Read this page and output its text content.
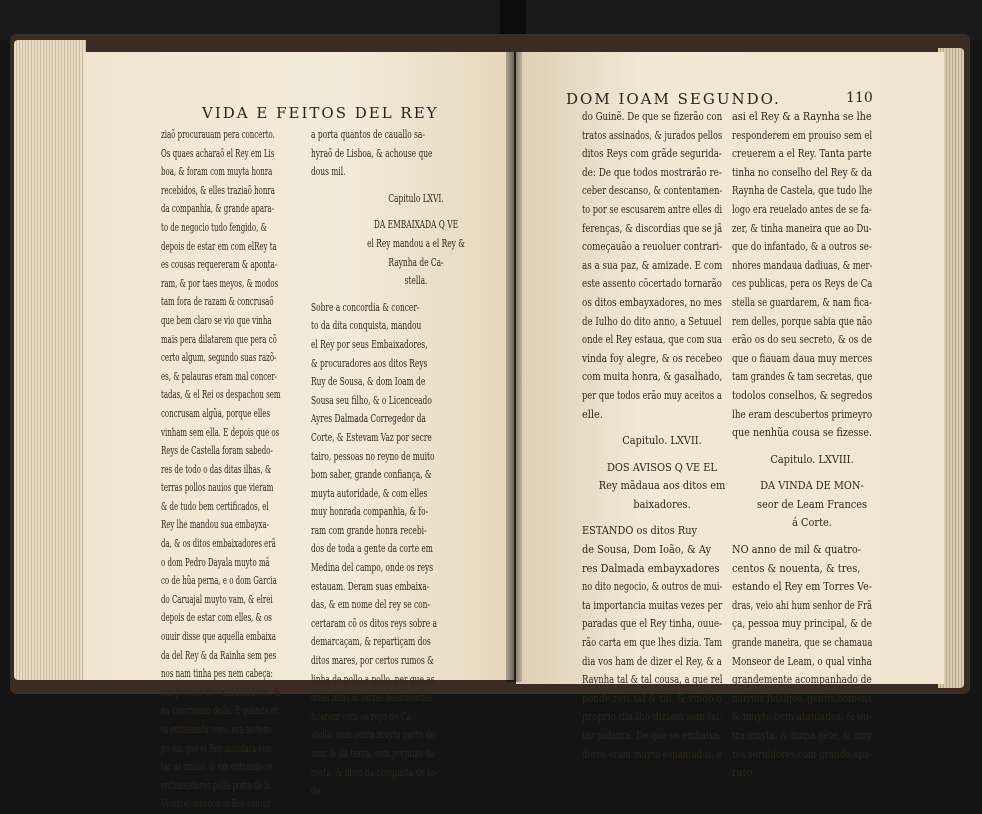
VIDA E FEITOS DEL REY

ziaõ procurauam pera concerto.

Os quaes acharaõ el Rey em Lis

boa, & foram com muyta honra

recebidos, & elles traziaõ honra

da companhia, & grande apara-

to de negocio tudo fengido, &

depois de estar em com elRey ta

es cousas requereram & aponta-

ram, & por taes meyos, & modos

tam fora de razam & concrusaõ

que bem claro se vio que vinha

mais pera dilatarem que pera cõ

certo algum, segundo suas razõ-

es, & palauras eram mal concer-

tadas, & el Rei os despachou sem

concrusam algũa, porque elles

vinham sem ella. E depois que os

Reys de Castella foram sabedo-

res de todo o das ditas ilhas, &

terras pollos nauios que vieram

& de tudo bem certificados, el

Rey lhe mandou sua embayxa-

da, & os ditos embaixadores erã

o dom Pedro Dayala muyto mã

co de hũa perna, e o dom Garcia

do Caruajal muyto vam, & elrei

depois de estar com elles, & os

ouuir disse que aquella embaixa

da del Rey & da Rainha sem pes

nos nam tinha pes nem cabeça:

nas pessoas dos embaixadores, &

na concrusam della. E quando et

ta embaixada veyo, era no tem-

po em que el Rey mandara con-

tar as mulas, & em entrando os

embaixadores polla porta de S.

Vicente, mandou el Rey contar

a porta quantos de cauallo sa-

hyraõ de Lisboa, & achouse que

dous mil.

Capitulo LXVI.

DA EMBAIXADA Q VE

el Rey mandou a el Rey &

Raynha de Ca-

stella.

Sobre a concordia & concer-

to da dita conquista, mandou

el Rey por seus Embaixadores,

& procuradores aos ditos Reys

Ruy de Sousa, & dom Ioam de

Sousa seu filho, & o Licenceado

Ayres Dalmada Corregedor da

Corte, & Estevam Vaz por secre

tairo, pessoas no reyno de muito

bom saber, grande confiança, &

muyta autoridade, & com elles

muy honrada companhia, & fo-

ram com grande honra recebi-

dos de toda a gente da corte em

Medina del campo, onde os reys

estauam. Deram suas embaixa-

das, & em nome del rey se con-

certaram cõ os ditos reys sobre a

demarcaçam, & repartiçam dos

ditos mares, por certos rumos &

linha de pollo a pollo, per que as

ditas ilhas & terras descubertas

ficaram com os reys de Ca-

stella, com outra muyta parte do

mar, & da terra, sem perjuizo da

costa, & ilhas da conquista de to-

do

DOM IOAM SEGUNDO.	110

do Guinẽ. De que se fizerão con

tratos assinados, & jurados pellos

ditos Reys com grãde segurida-

de: De que todos mostrarão re-

ceber descanso, & contentamen-

to por se escusarem antre elles di

ferenças, & discordias que se jã

começauão a reuoluer contrari-

as a sua paz, & amizade. E com

este assento cõcertado tornarão

os ditos embayxadores, no mes

de Iulho do dito anno, a Setuuel

onde el Rey estaua, que com sua

vinda foy alegre, & os recebeo

com muita honra, & gasalhado,

per que todos erão muy aceitos a

elle.

Capitulo. LXVII.

DOS AVISOS Q VE EL

Rey mãdaua aos ditos em

baixadores.

ESTANDO os ditos Ruy

de Sousa, Dom Ioão, & Ay

res Dalmada embayxadores

no dito negocio, & outros de mui-

ta importancia muitas vezes per

paradas que el Rey tinha, ouue-

rão carta em que lhes dizia. Tam

dia vos ham de dizer el Rey, & a

Raynha tal & tal cousa, a que rel

ponde reis tal & tal, & vindo o

proprio dia lho diziam sem fal-

tar palaura. De que os embaixa-

dores eram muyto espantados, e

asi el Rey & a Raynha se lhe

responderem em prouiso sem el

creuerem a el Rey. Tanta parte

tinha no conselho del Rey & da

Raynha de Castela, que tudo lhe

logo era reuelado antes de se fa-

zer, & tinha maneira que ao Du-

que do infantado, & a outros se-

nhores mandaua dadiuas, & mer-

ces publicas, pera os Reys de Ca

stella se guardarem, & nam fica-

rem delles, porque sabia que não

erão os do seu secreto, & os de

que o fiauam daua muy merces

tam grandes & tam secretas, que

todolos conselhos, & segredos

lhe eram descubertos primeyro

que nenhũa cousa se fizesse.

Capitulo. LXVIII.

DA VINDA DE MON-

seor de Leam Frances

á Corte.

NO anno de mil & quatro-

centos & nouenta, & tres,

estando el Rey em Torres Ve-

dras, veio ahi hum senhor de Frã

ça, pessoa muy principal, & de

grande maneira, que se chamaua

Monseor de Leam, o qual vinha

grandemente acompanhado de

muytos fidalgos, gentis homens

& muyto bem atauiados, & ou-

tra muyta, & limpa gẽte, & muy

tos seruidores com grande apa-

rato
